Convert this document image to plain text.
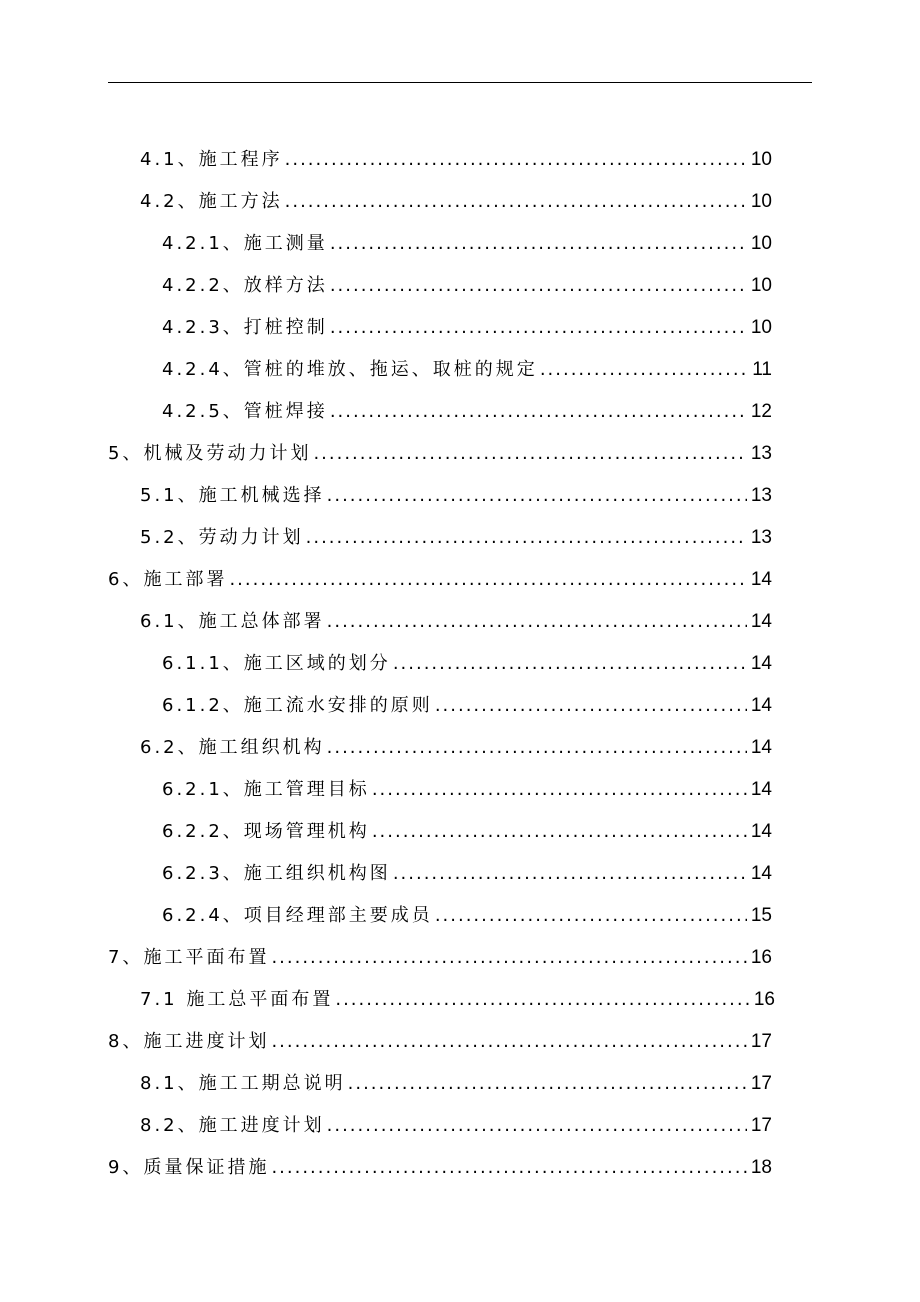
4.1、施工程序 .....	10
4.2、施工方法 .....	10
4.2.1、施工测量 .....	10
4.2.2、放样方法 .....	10
4.2.3、打桩控制 .....	10
4.2.4、管桩的堆放、拖运、取桩的规定 .....	11
4.2.5、管桩焊接 .....	12
5、机械及劳动力计划 .....	13
5.1、施工机械选择 .....	13
5.2、劳动力计划 .....	13
6、施工部署 .....	14
6.1、施工总体部署 .....	14
6.1.1、施工区域的划分 .....	14
6.1.2、施工流水安排的原则 .....	14
6.2、施工组织机构 .....	14
6.2.1、施工管理目标 .....	14
6.2.2、现场管理机构 .....	14
6.2.3、施工组织机构图 .....	14
6.2.4、项目经理部主要成员 .....	15
7、施工平面布置 .....	16
7.1 施工总平面布置 .....	16
8、施工进度计划 .....	17
8.1、施工工期总说明 .....	17
8.2、施工进度计划 .....	17
9、质量保证措施 .....	18
